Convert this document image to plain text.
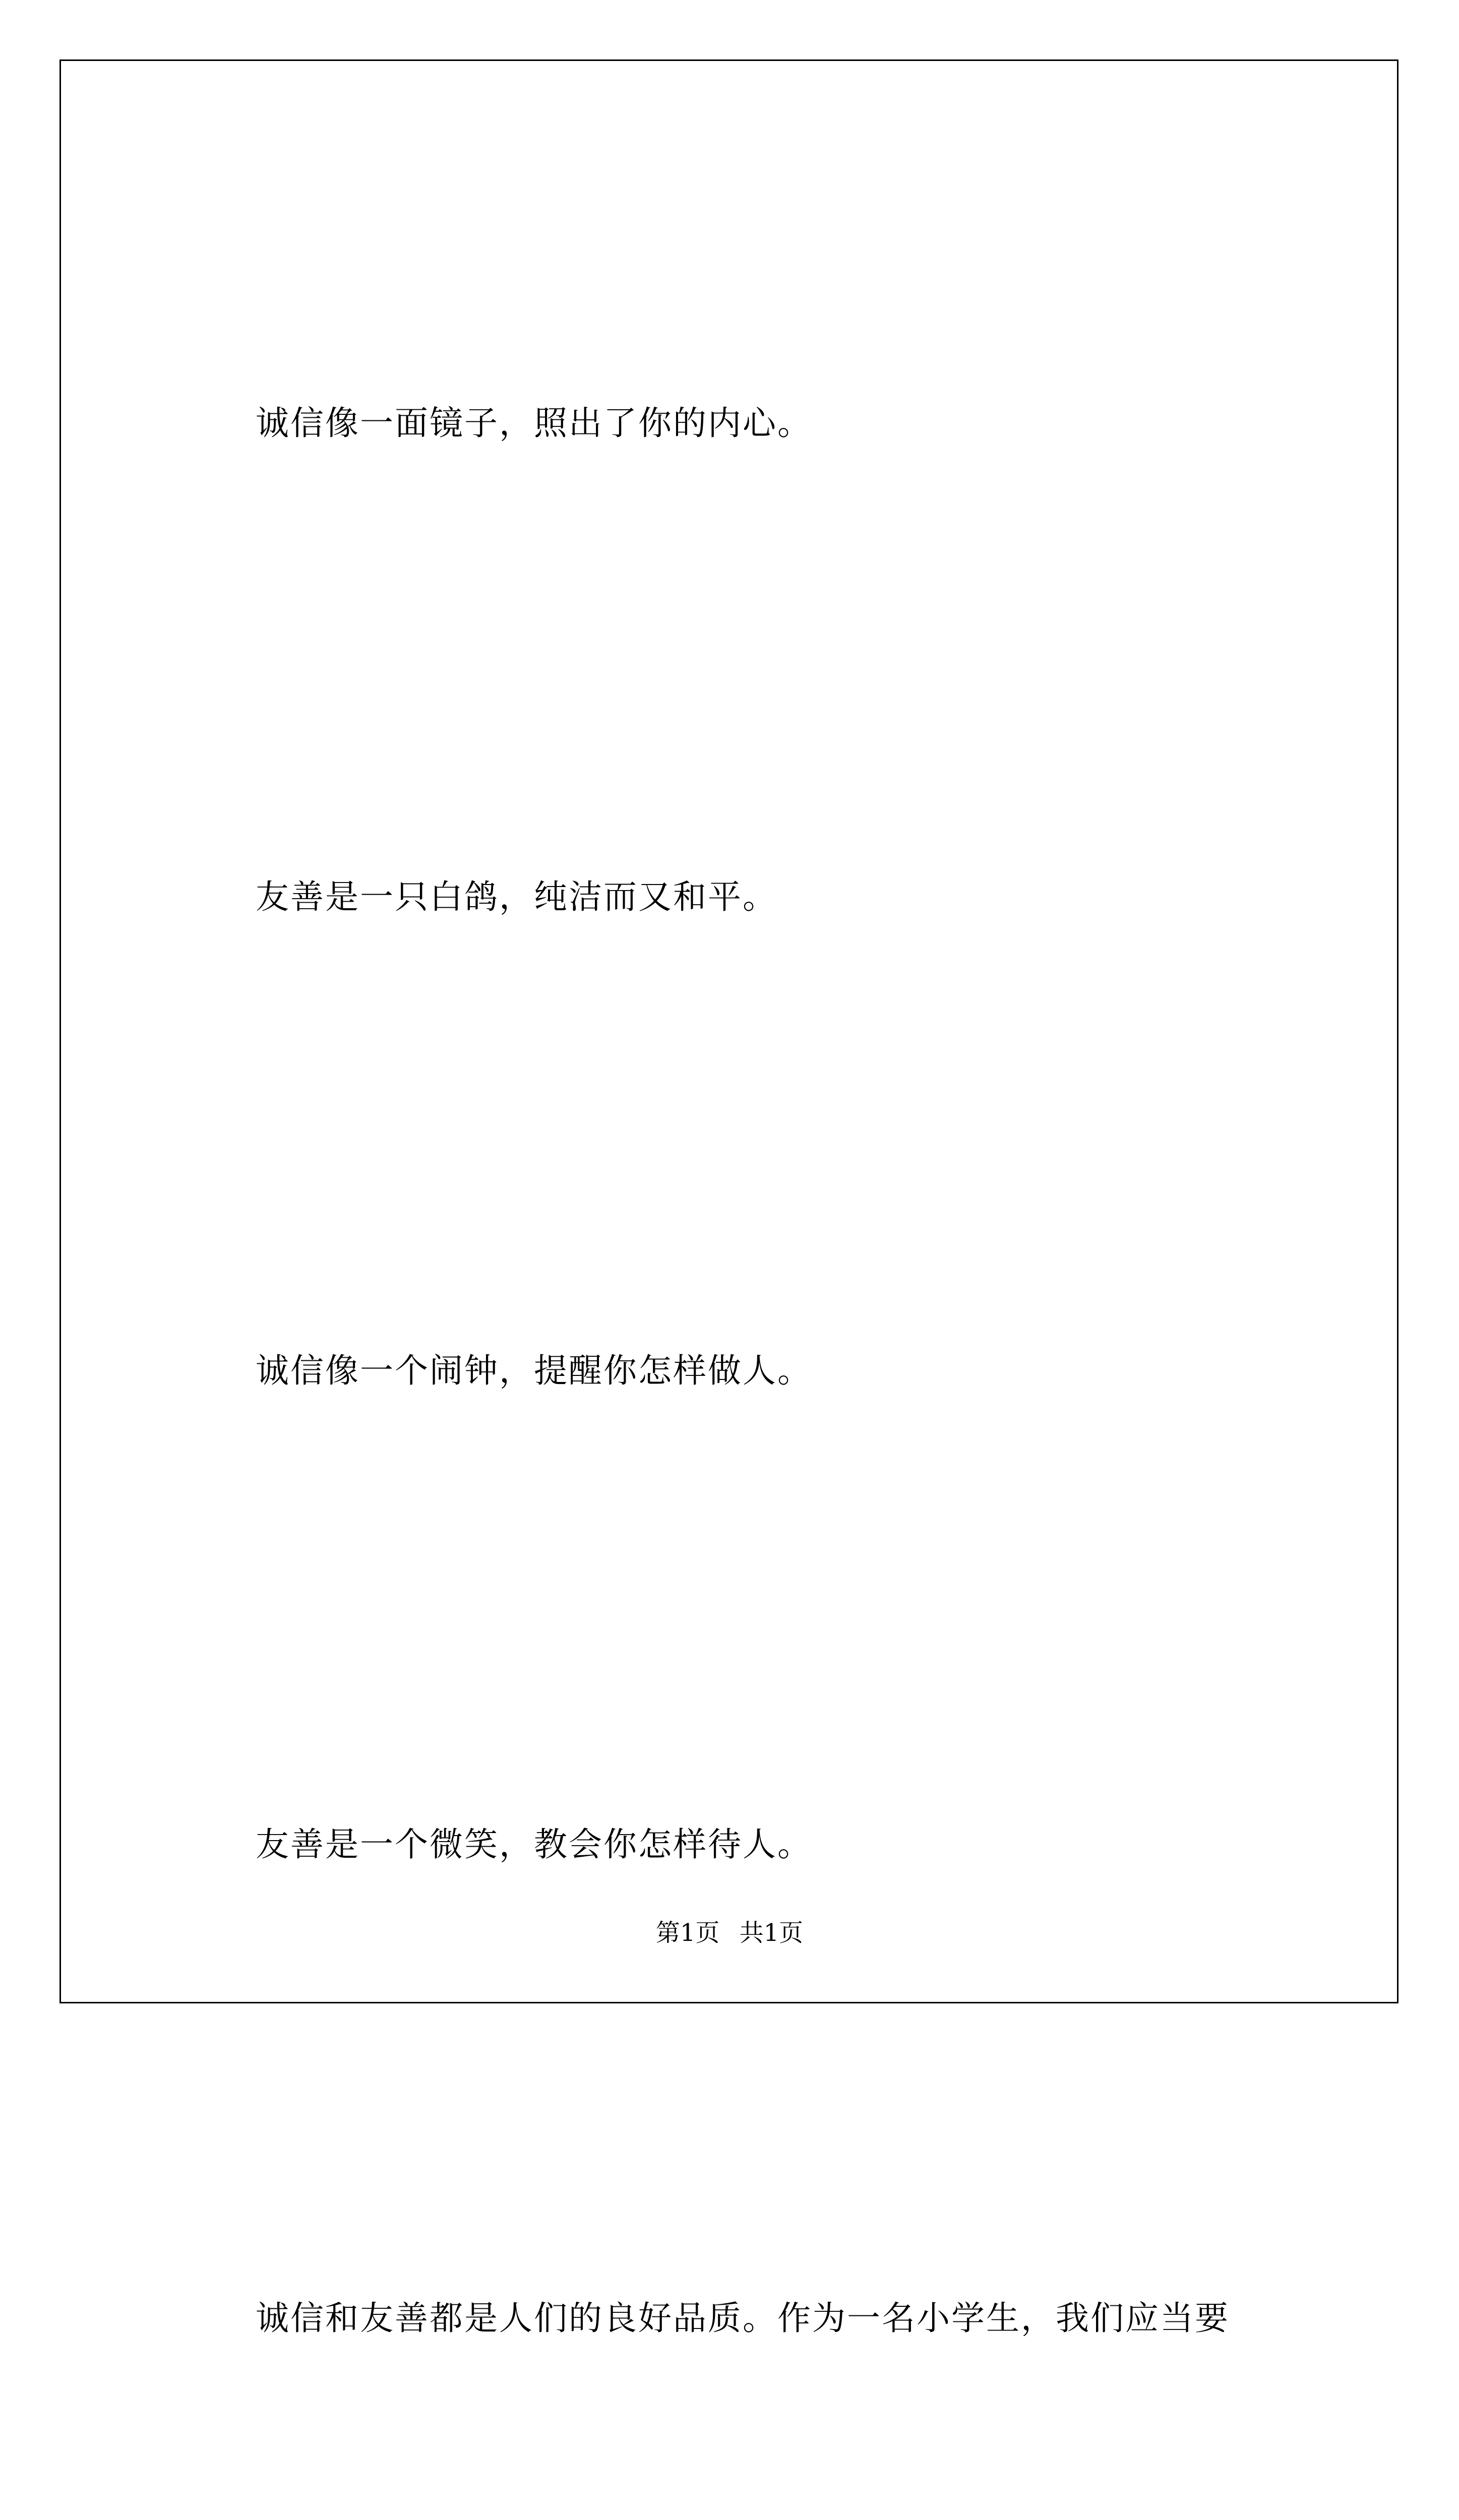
诚信像一面镜子，照出了你的内心。

友善是一只白鸽，纯洁而又和平。

诚信像一个闹钟，提醒你怎样做人。

友善是一个微笑，教会你怎样待人。

诚信和友善都是人们的良好品质。作为一名小学生，我们应当要

第1页 共1页
